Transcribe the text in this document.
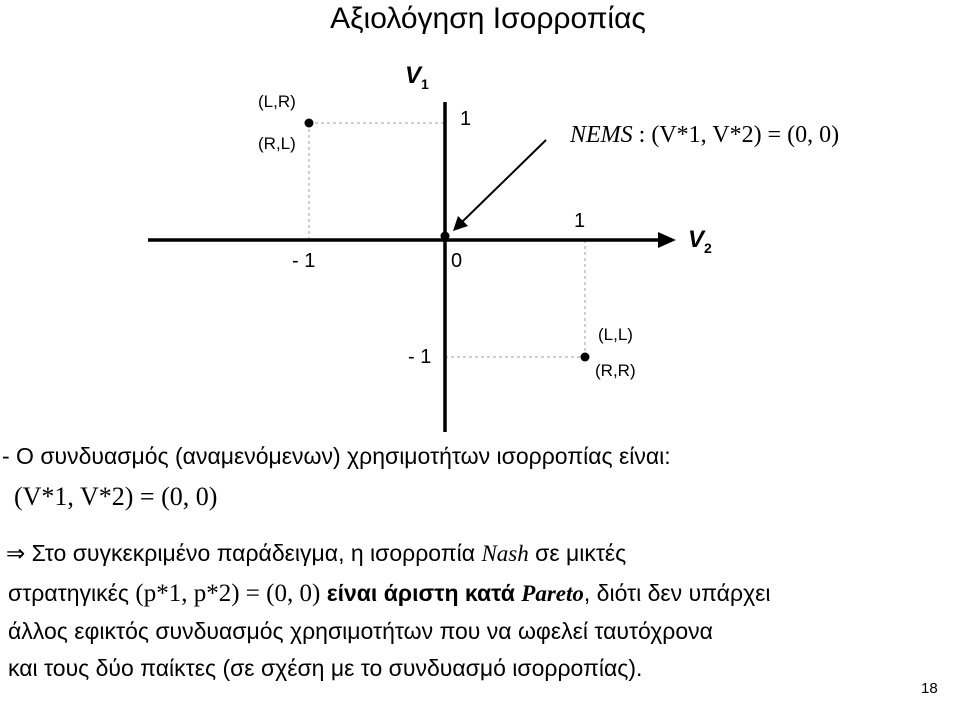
Αξιολόγηση Ισορροπίας
$V_1$
$V_2$
1
1
- 1	0
- 1
(L,R)
(R,L)
(L,L)
(R,R)
NEMS : (V*1, V*2) = (0, 0)
- Ο συνδυασμός (αναμενόμενων) χρησιμοτήτων ισορροπίας είναι:
(V*1, V*2) = (0, 0)
⇒ Στο συγκεκριμένο παράδειγμα, η ισορροπία Nash σε μικτές
στρατηγικές (p*1, p*2) = (0, 0) είναι άριστη κατά Pareto, διότι δεν υπάρχει
άλλος εφικτός συνδυασμός χρησιμοτήτων που να ωφελεί ταυτόχρονα
και τους δύο παίκτες (σε σχέση με το συνδυασμό ισορροπίας).
18
